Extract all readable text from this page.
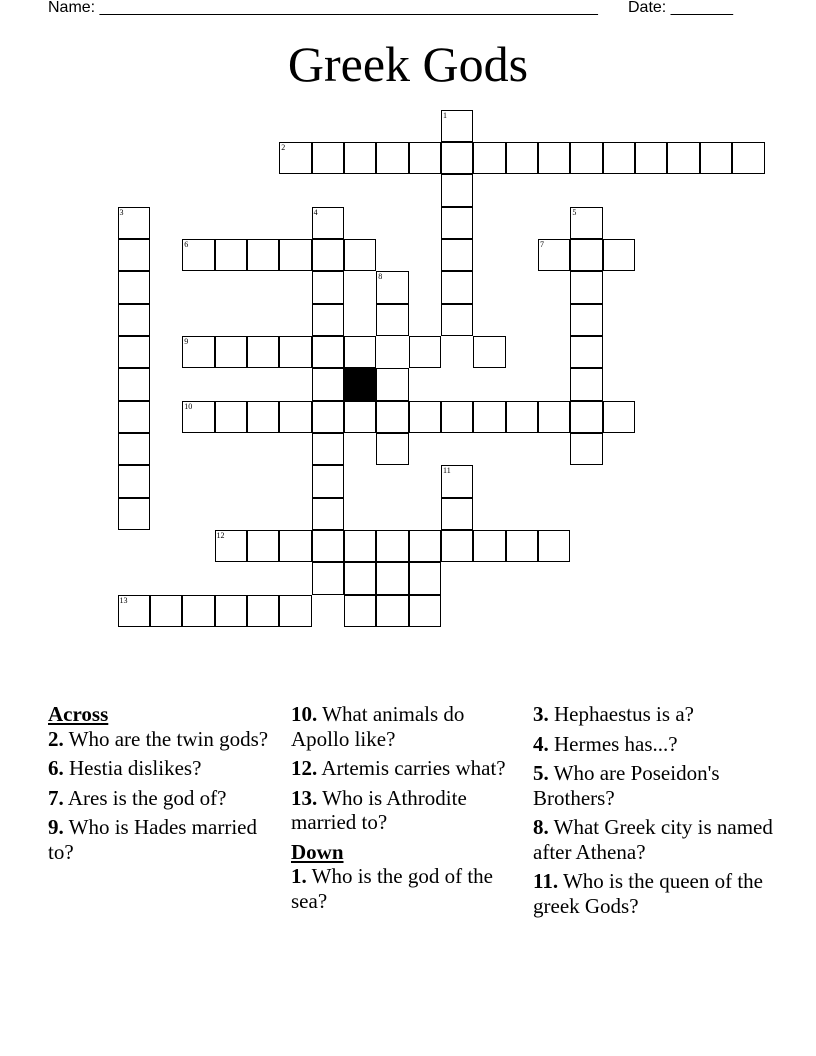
Name: ________________________________________________________ Date: _______
Greek Gods
1
2
3	4	5
6	7
8
9
10
11
12
13
Across
2. Who are the twin gods?
6. Hestia dislikes?
7. Ares is the god of?
9. Who is Hades married to?
10. What animals do Apollo like?
12. Artemis carries what?
13. Who is Athrodite married to?
Down
1. Who is the god of the sea?
3. Hephaestus is a?
4. Hermes has...?
5. Who are Poseidon's Brothers?
8. What Greek city is named after Athena?
11. Who is the queen of the greek Gods?
